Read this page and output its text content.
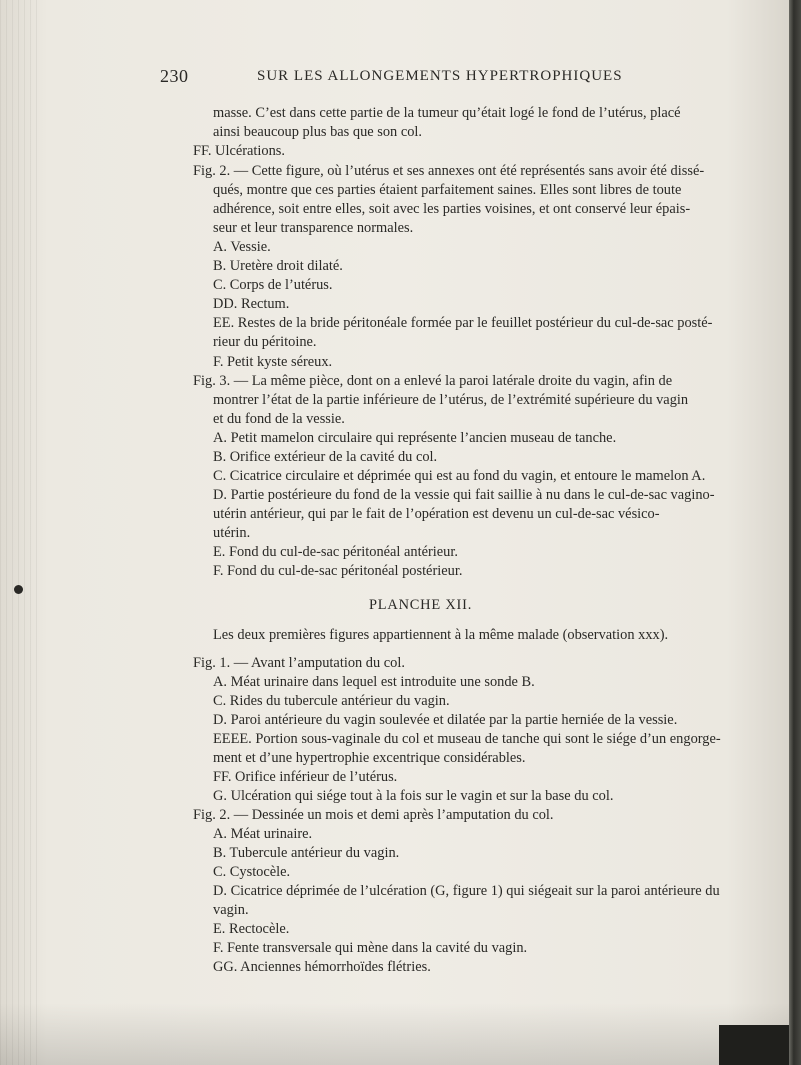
230	SUR LES ALLONGEMENTS HYPERTROPHIQUES
masse. C’est dans cette partie de la tumeur qu’était logé le fond de l’utérus, placé
ainsi beaucoup plus bas que son col.
FF. Ulcérations.
Fig. 2. — Cette figure, où l’utérus et ses annexes ont été représentés sans avoir été dissé-
qués, montre que ces parties étaient parfaitement saines. Elles sont libres de toute
adhérence, soit entre elles, soit avec les parties voisines, et ont conservé leur épais-
seur et leur transparence normales.
A. Vessie.
B. Uretère droit dilaté.
C. Corps de l’utérus.
DD. Rectum.
EE. Restes de la bride péritonéale formée par le feuillet postérieur du cul-de-sac posté-
rieur du péritoine.
F. Petit kyste séreux.
Fig. 3. — La même pièce, dont on a enlevé la paroi latérale droite du vagin, afin de
montrer l’état de la partie inférieure de l’utérus, de l’extrémité supérieure du vagin
et du fond de la vessie.
A. Petit mamelon circulaire qui représente l’ancien museau de tanche.
B. Orifice extérieur de la cavité du col.
C. Cicatrice circulaire et déprimée qui est au fond du vagin, et entoure le mamelon A.
D. Partie postérieure du fond de la vessie qui fait saillie à nu dans le cul-de-sac vagino-
utérin antérieur, qui par le fait de l’opération est devenu un cul-de-sac vésico-
utérin.
E. Fond du cul-de-sac péritonéal antérieur.
F. Fond du cul-de-sac péritonéal postérieur.
PLANCHE XII.
Les deux premières figures appartiennent à la même malade (observation xxx).
Fig. 1. — Avant l’amputation du col.
A. Méat urinaire dans lequel est introduite une sonde B.
C. Rides du tubercule antérieur du vagin.
D. Paroi antérieure du vagin soulevée et dilatée par la partie herniée de la vessie.
EEEE. Portion sous-vaginale du col et museau de tanche qui sont le siége d’un engorge-
ment et d’une hypertrophie excentrique considérables.
FF. Orifice inférieur de l’utérus.
G. Ulcération qui siége tout à la fois sur le vagin et sur la base du col.
Fig. 2. — Dessinée un mois et demi après l’amputation du col.
A. Méat urinaire.
B. Tubercule antérieur du vagin.
C. Cystocèle.
D. Cicatrice déprimée de l’ulcération (G, figure 1) qui siégeait sur la paroi antérieure du
vagin.
E. Rectocèle.
F. Fente transversale qui mène dans la cavité du vagin.
GG. Anciennes hémorrhoïdes flétries.
